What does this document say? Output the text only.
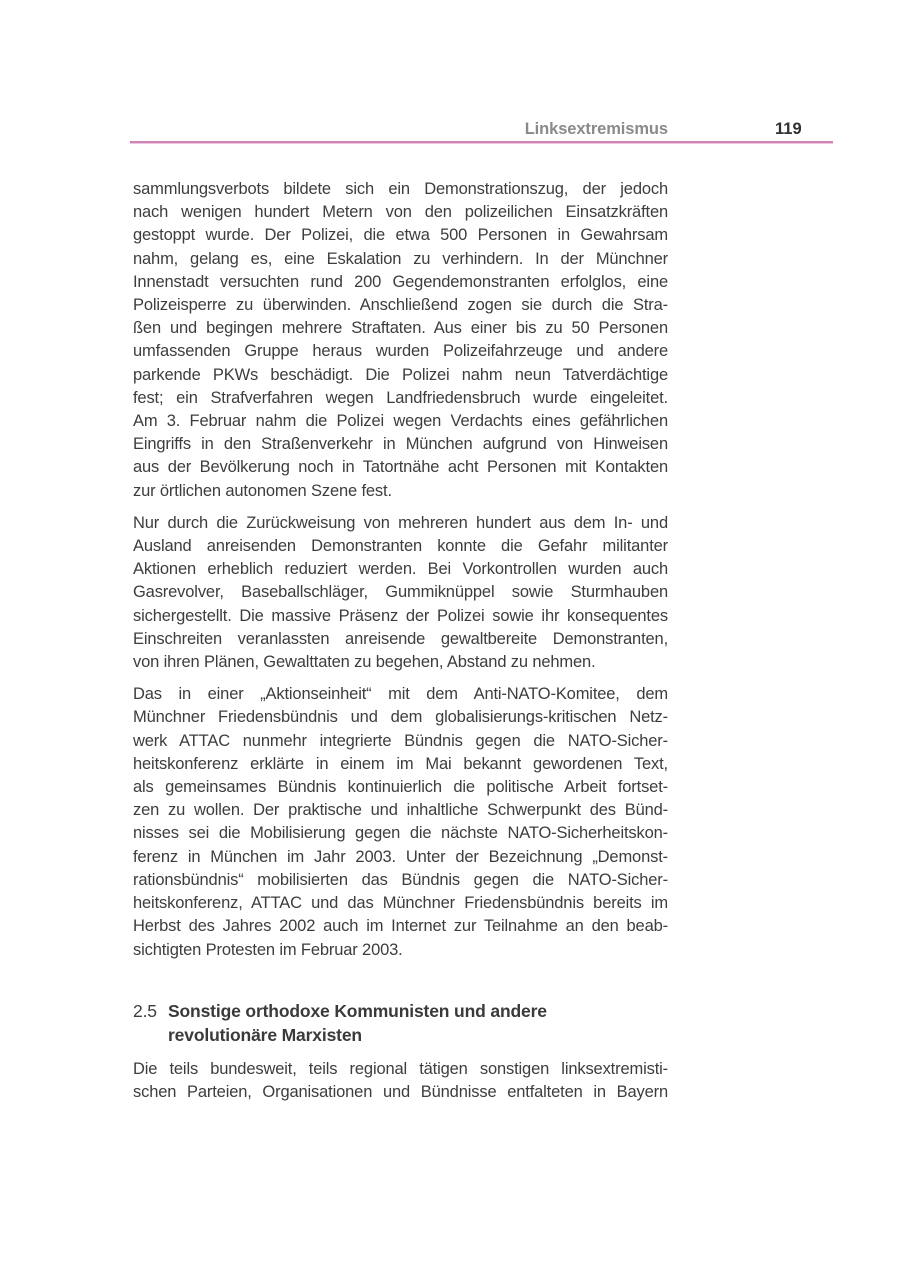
Linksextremismus	119

sammlungsverbots bildete sich ein Demonstrationszug, der jedoch
nach wenigen hundert Metern von den polizeilichen Einsatzkräften
gestoppt wurde. Der Polizei, die etwa 500 Personen in Gewahrsam
nahm, gelang es, eine Eskalation zu verhindern. In der Münchner
Innenstadt versuchten rund 200 Gegendemonstranten erfolglos, eine
Polizeisperre zu überwinden. Anschließend zogen sie durch die Stra-
ßen und begingen mehrere Straftaten. Aus einer bis zu 50 Personen
umfassenden Gruppe heraus wurden Polizeifahrzeuge und andere
parkende PKWs beschädigt. Die Polizei nahm neun Tatverdächtige
fest; ein Strafverfahren wegen Landfriedensbruch wurde eingeleitet.
Am 3. Februar nahm die Polizei wegen Verdachts eines gefährlichen
Eingriffs in den Straßenverkehr in München aufgrund von Hinweisen
aus der Bevölkerung noch in Tatortnähe acht Personen mit Kontakten
zur örtlichen autonomen Szene fest.

Nur durch die Zurückweisung von mehreren hundert aus dem In- und
Ausland anreisenden Demonstranten konnte die Gefahr militanter
Aktionen erheblich reduziert werden. Bei Vorkontrollen wurden auch
Gasrevolver, Baseballschläger, Gummiknüppel sowie Sturmhauben
sichergestellt. Die massive Präsenz der Polizei sowie ihr konsequentes
Einschreiten veranlassten anreisende gewaltbereite Demonstranten,
von ihren Plänen, Gewalttaten zu begehen, Abstand zu nehmen.

Das in einer „Aktionseinheit“ mit dem Anti-NATO-Komitee, dem
Münchner Friedensbündnis und dem globalisierungs-kritischen Netz-
werk ATTAC nunmehr integrierte Bündnis gegen die NATO-Sicher-
heitskonferenz erklärte in einem im Mai bekannt gewordenen Text,
als gemeinsames Bündnis kontinuierlich die politische Arbeit fortset-
zen zu wollen. Der praktische und inhaltliche Schwerpunkt des Bünd-
nisses sei die Mobilisierung gegen die nächste NATO-Sicherheitskon-
ferenz in München im Jahr 2003. Unter der Bezeichnung „Demonst-
rationsbündnis“ mobilisierten das Bündnis gegen die NATO-Sicher-
heitskonferenz, ATTAC und das Münchner Friedensbündnis bereits im
Herbst des Jahres 2002 auch im Internet zur Teilnahme an den beab-
sichtigten Protesten im Februar 2003.

2.5 Sonstige orthodoxe Kommunisten und andere
revolutionäre Marxisten

Die teils bundesweit, teils regional tätigen sonstigen linksextremisti-
schen Parteien, Organisationen und Bündnisse entfalteten in Bayern
